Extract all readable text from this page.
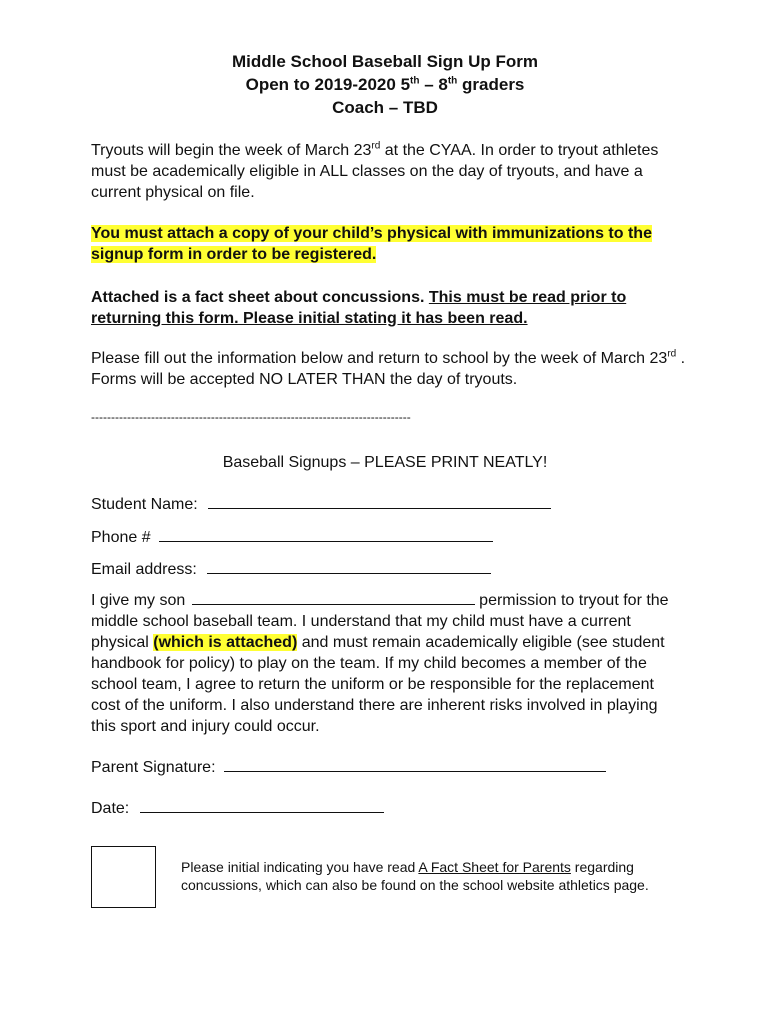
Middle School Baseball Sign Up Form
Open to 2019-2020 5th – 8th graders
Coach – TBD
Tryouts will begin the week of March 23rd at the CYAA. In order to tryout athletes must be academically eligible in ALL classes on the day of tryouts, and have a current physical on file.
You must attach a copy of your child’s physical with immunizations to the signup form in order to be registered.
Attached is a fact sheet about concussions. This must be read prior to returning this form. Please initial stating it has been read.
Please fill out the information below and return to school by the week of March 23rd . Forms will be accepted NO LATER THAN the day of tryouts.
--------------------------------------------------------------------------------
Baseball Signups – PLEASE PRINT NEATLY!
Student Name:
Phone #
Email address:
I give my son	permission to tryout for the middle school baseball team. I understand that my child must have a current physical (which is attached) and must remain academically eligible (see student handbook for policy) to play on the team. If my child becomes a member of the school team, I agree to return the uniform or be responsible for the replacement cost of the uniform. I also understand there are inherent risks involved in playing this sport and injury could occur.
Parent Signature:
Date:
Please initial indicating you have read A Fact Sheet for Parents regarding concussions, which can also be found on the school website athletics page.
